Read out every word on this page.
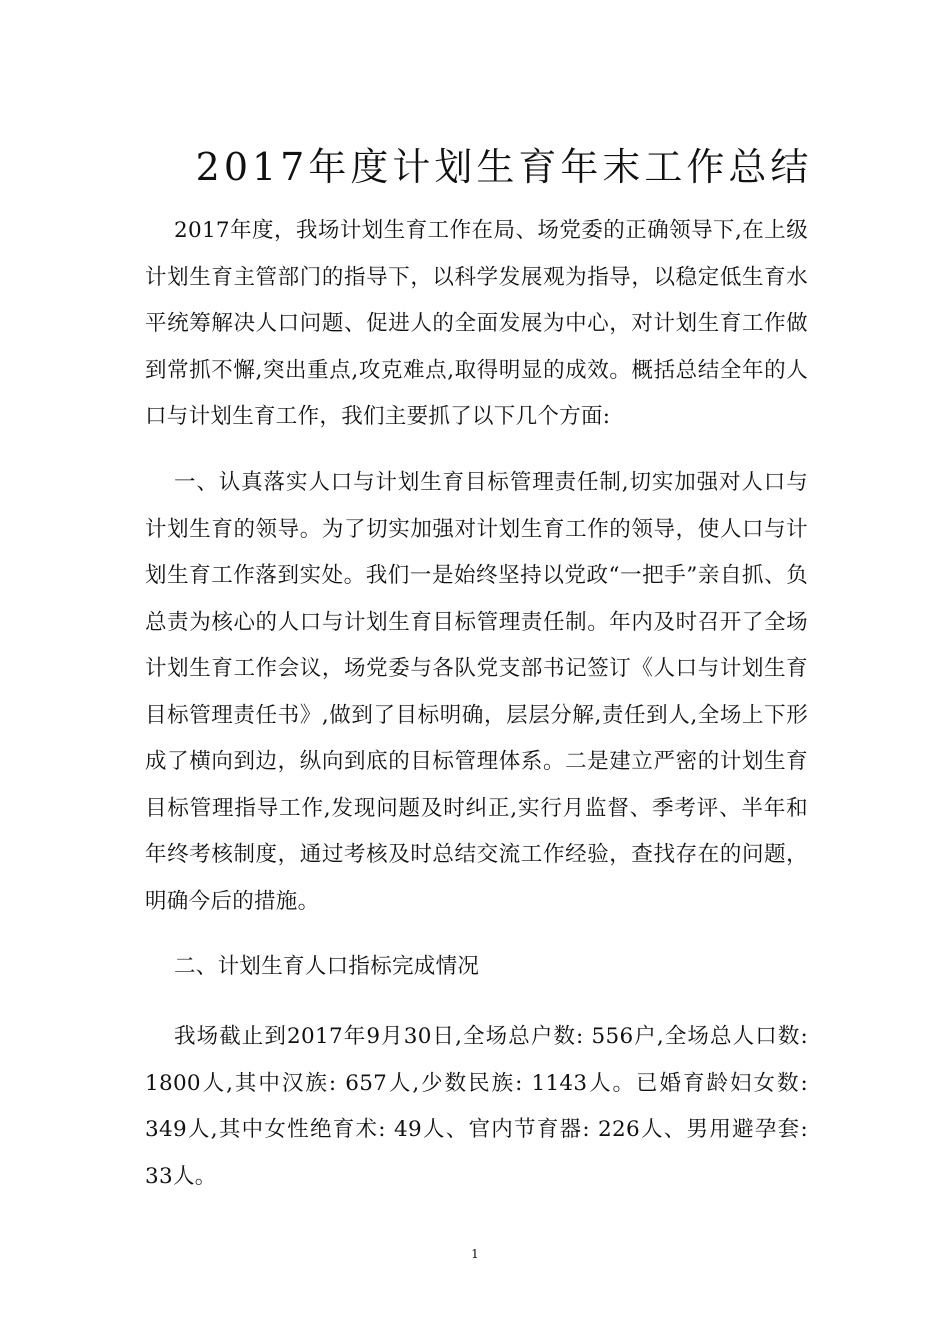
2017年度计划生育年末工作总结

2017年度，我场计划生育工作在局、场党委的正确领导下,在上级计划生育主管部门的指导下，以科学发展观为指导，以稳定低生育水平统筹解决人口问题、促进人的全面发展为中心，对计划生育工作做到常抓不懈,突出重点,攻克难点,取得明显的成效。概括总结全年的人口与计划生育工作，我们主要抓了以下几个方面:

一、认真落实人口与计划生育目标管理责任制,切实加强对人口与计划生育的领导。为了切实加强对计划生育工作的领导，使人口与计划生育工作落到实处。我们一是始终坚持以党政“一把手”亲自抓、负总责为核心的人口与计划生育目标管理责任制。年内及时召开了全场计划生育工作会议，场党委与各队党支部书记签订《人口与计划生育目标管理责任书》,做到了目标明确，层层分解,责任到人,全场上下形成了横向到边，纵向到底的目标管理体系。二是建立严密的计划生育目标管理指导工作,发现问题及时纠正,实行月监督、季考评、半年和年终考核制度，通过考核及时总结交流工作经验，查找存在的问题，明确今后的措施。

二、计划生育人口指标完成情况

我场截止到2017年9月30日,全场总户数: 556户,全场总人口数: 1800人,其中汉族: 657人,少数民族: 1143人。已婚育龄妇女数: 349人,其中女性绝育术: 49人、官内节育器: 226人、男用避孕套: 33人。

1
